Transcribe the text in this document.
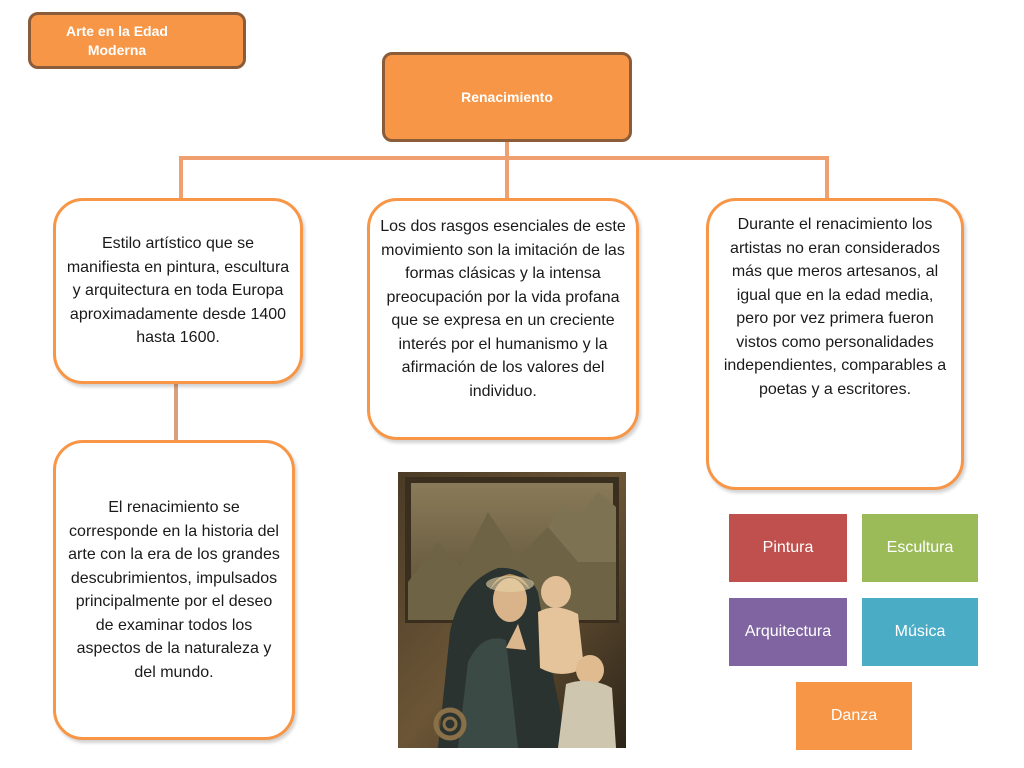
Arte en la Edad Moderna
Renacimiento
Estilo artístico que se manifiesta en pintura, escultura y arquitectura en toda Europa aproximadamente desde 1400 hasta 1600.
Los dos rasgos esenciales de este movimiento son la imitación de las formas clásicas y la intensa preocupación por la vida profana que se expresa en un creciente interés por el humanismo y la afirmación de los valores del individuo.
Durante el renacimiento los artistas no eran considerados más que meros artesanos, al igual que en la edad media, pero por vez primera fueron vistos como personalidades independientes, comparables a poetas y a escritores.
El renacimiento se corresponde en la historia del arte con la era de los grandes descubrimientos, impulsados principalmente por el deseo de examinar todos los aspectos de la naturaleza y del mundo.
Pintura	Escultura
Arquitectura	Música
Danza
